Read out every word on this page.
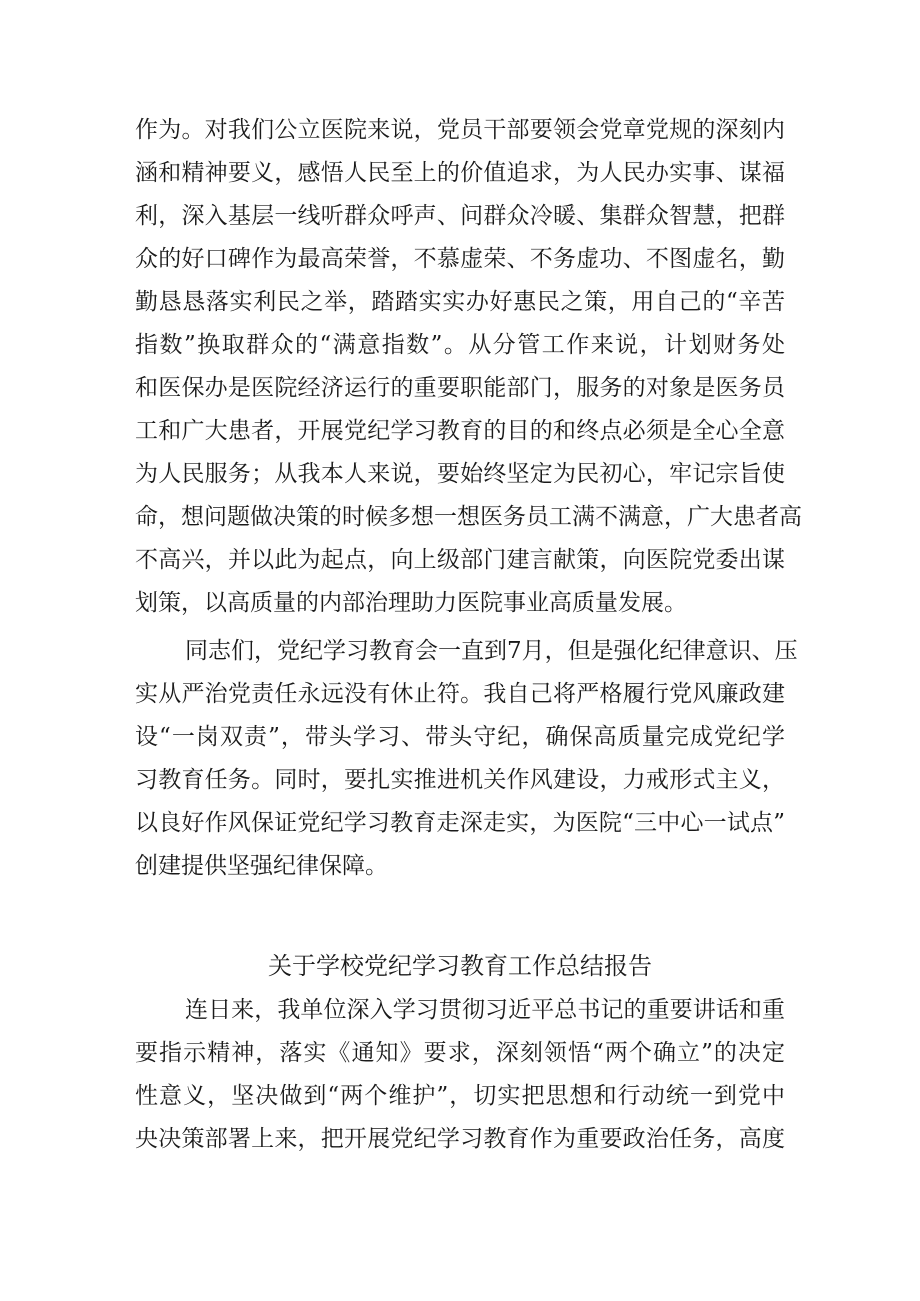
作为。对我们公立医院来说，党员干部要领会党章党规的深刻内
涵和精神要义，感悟人民至上的价值追求，为人民办实事、谋福
利，深入基层一线听群众呼声、问群众冷暖、集群众智慧，把群
众的好口碑作为最高荣誉，不慕虚荣、不务虚功、不图虚名，勤
勤恳恳落实利民之举，踏踏实实办好惠民之策，用自己的“辛苦
指数”换取群众的“满意指数”。从分管工作来说，计划财务处
和医保办是医院经济运行的重要职能部门，服务的对象是医务员
工和广大患者，开展党纪学习教育的目的和终点必须是全心全意
为人民服务；从我本人来说，要始终坚定为民初心，牢记宗旨使
命，想问题做决策的时候多想一想医务员工满不满意，广大患者高
不高兴，并以此为起点，向上级部门建言献策，向医院党委出谋
划策，以高质量的内部治理助力医院事业高质量发展。
同志们，党纪学习教育会一直到7月，但是强化纪律意识、压
实从严治党责任永远没有休止符。我自己将严格履行党风廉政建
设“一岗双责”，带头学习、带头守纪，确保高质量完成党纪学
习教育任务。同时，要扎实推进机关作风建设，力戒形式主义，
以良好作风保证党纪学习教育走深走实，为医院“三中心一试点”
创建提供坚强纪律保障。
关于学校党纪学习教育工作总结报告
连日来，我单位深入学习贯彻习近平总书记的重要讲话和重
要指示精神，落实《通知》要求，深刻领悟“两个确立”的决定
性意义，坚决做到“两个维护”，切实把思想和行动统一到党中
央决策部署上来，把开展党纪学习教育作为重要政治任务，高度
